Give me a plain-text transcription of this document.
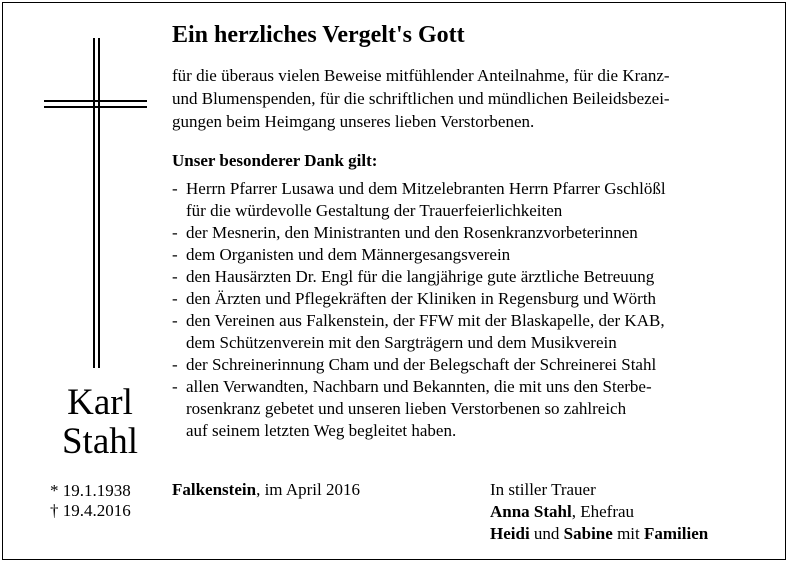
Karl
Stahl
* 19.1.1938
† 19.4.2016
Ein herzliches Vergelt's Gott
für die überaus vielen Beweise mitfühlender Anteilnahme, für die Kranz-
und Blumenspenden, für die schriftlichen und mündlichen Beileidsbezei-
gungen beim Heimgang unseres lieben Verstorbenen.
Unser besonderer Dank gilt:
- Herrn Pfarrer Lusawa und dem Mitzelebranten Herrn Pfarrer Gschlößl
für die würdevolle Gestaltung der Trauerfeierlichkeiten
- der Mesnerin, den Ministranten und den Rosenkranzvorbeterinnen
- dem Organisten und dem Männergesangsverein
- den Hausärzten Dr. Engl für die langjährige gute ärztliche Betreuung
- den Ärzten und Pflegekräften der Kliniken in Regensburg und Wörth
- den Vereinen aus Falkenstein, der FFW mit der Blaskapelle, der KAB,
dem Schützenverein mit den Sargträgern und dem Musikverein
- der Schreinerinnung Cham und der Belegschaft der Schreinerei Stahl
- allen Verwandten, Nachbarn und Bekannten, die mit uns den Sterbe-
rosenkranz gebetet und unseren lieben Verstorbenen so zahlreich
auf seinem letzten Weg begleitet haben.
Falkenstein, im April 2016	In stiller Trauer
Anna Stahl, Ehefrau
Heidi und Sabine mit Familien
